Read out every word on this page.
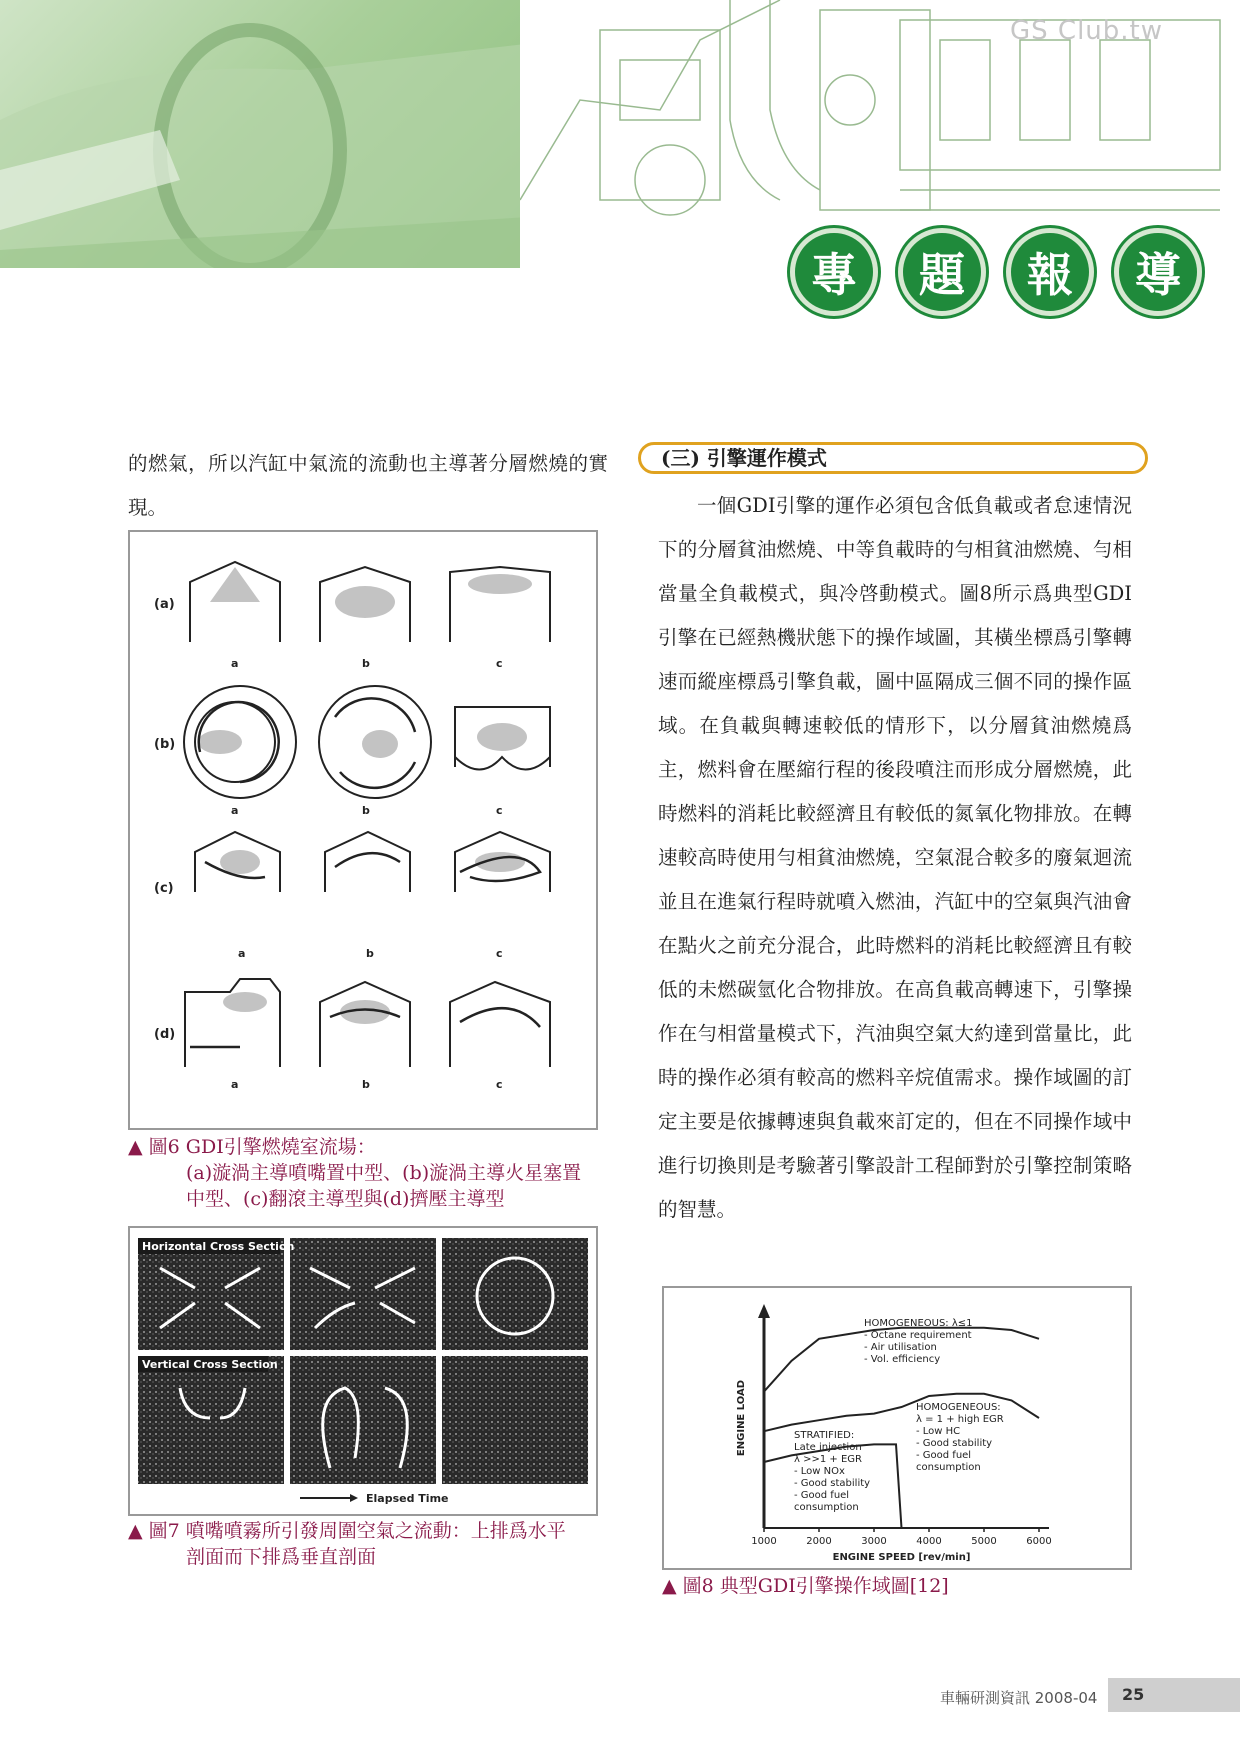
GS Club.tw
專	題	報	導

的燃氣，所以汽缸中氣流的流動也主導著分層燃燒的實現。

(a)
(b)
(c)
(d)
a	b	c
a	b	c
a	b	c
a	b	c
▲ 圖6 GDI引擎燃燒室流場：
(a)漩渦主導噴嘴置中型、(b)漩渦主導火星塞置
中型、(c)翻滾主導型與(d)擠壓主導型
Horizontal Cross Section
Vertical Cross Section
Elapsed Time
▲ 圖7 噴嘴噴霧所引發周圍空氣之流動：上排爲水平
剖面而下排爲垂直剖面
(三) 引擎運作模式

一個GDI引擎的運作必須包含低負載或者怠速情況下的分層貧油燃燒、中等負載時的勻相貧油燃燒、勻相當量全負載模式，與冷啓動模式。圖8所示爲典型GDI引擎在已經熱機狀態下的操作域圖，其橫坐標爲引擎轉速而縱座標爲引擎負載，圖中區隔成三個不同的操作區域。在負載與轉速較低的情形下，以分層貧油燃燒爲主，燃料會在壓縮行程的後段噴注而形成分層燃燒，此時燃料的消耗比較經濟且有較低的氮氧化物排放。在轉速較高時使用勻相貧油燃燒，空氣混合較多的廢氣迴流並且在進氣行程時就噴入燃油，汽缸中的空氣與汽油會在點火之前充分混合，此時燃料的消耗比較經濟且有較低的未燃碳氫化合物排放。在高負載高轉速下，引擎操作在勻相當量模式下，汽油與空氣大約達到當量比，此時的操作必須有較高的燃料辛烷值需求。操作域圖的訂定主要是依據轉速與負載來訂定的，但在不同操作域中進行切換則是考驗著引擎設計工程師對於引擎控制策略的智慧。

1000	2000	3000	4000	5000	6000
ENGINE SPEED [rev/min]
ENGINE LOAD
HOMOGENEOUS: λ≤1
- Octane requirement
- Air utilisation
- Vol. efficiency
HOMOGENEOUS:
λ = 1 + high EGR
- Low HC
- Good stability
- Good fuel
consumption
STRATIFIED:
Late injection
λ >>1 + EGR
- Low NOx
- Good stability
- Good fuel
consumption
▲ 圖8 典型GDI引擎操作域圖[12]
車輛研測資訊 2008-04	25
